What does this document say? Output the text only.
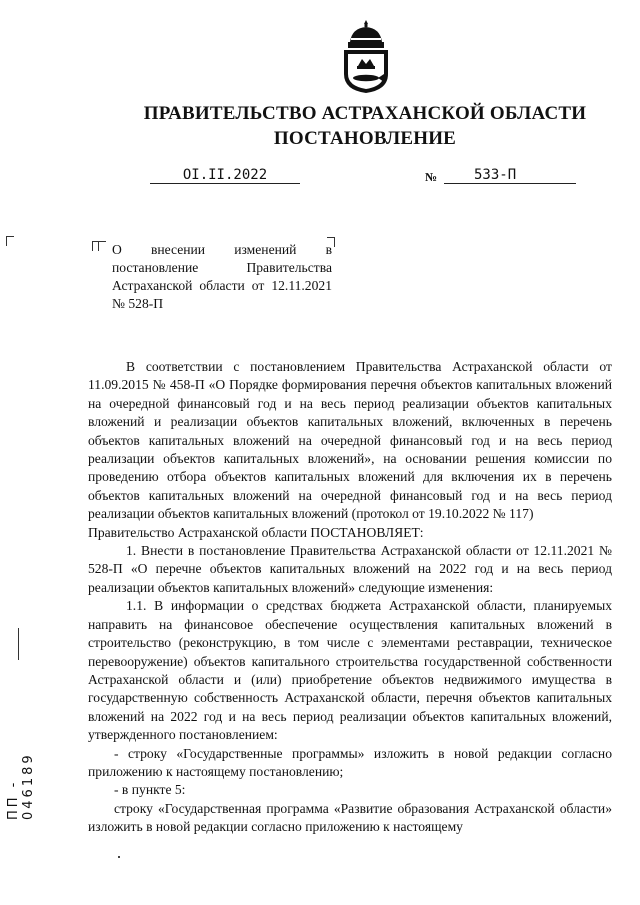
ПРАВИТЕЛЬСТВО АСТРАХАНСКОЙ ОБЛАСТИ
ПОСТАНОВЛЕНИЕ
OI.II.2022	№	533-П
О внесении изменений в постановление Правительства Астраханской области от 12.11.2021 № 528-П

В соответствии с постановлением Правительства Астраханской области от 11.09.2015 № 458-П «О Порядке формирования перечня объектов капитальных вложений на очередной финансовый год и на весь период реализации объектов капитальных вложений и реализации объектов капитальных вложений, включенных в перечень объектов капитальных вложений на очередной финансовый год и на весь период реализации объектов капитальных вложений», на основании решения комиссии по проведению отбора объектов капитальных вложений для включения их в перечень объектов капитальных вложений на очередной финансовый год и на весь период реализации объектов капитальных вложений (протокол от 19.10.2022 № 117)

Правительство Астраханской области ПОСТАНОВЛЯЕТ:

1. Внести в постановление Правительства Астраханской области от 12.11.2021 № 528-П «О перечне объектов капитальных вложений на 2022 год и на весь период реализации объектов капитальных вложений» следующие изменения:

1.1. В информации о средствах бюджета Астраханской области, планируемых направить на финансовое обеспечение осуществления капитальных вложений в строительство (реконструкцию, в том числе с элементами реставрации, техническое перевооружение) объектов капитального строительства государственной собственности Астраханской области и (или) приобретение объектов недвижимого имущества в государственную собственность Астраханской области, перечня объектов капитальных вложений на 2022 год и на весь период реализации объектов капитальных вложений, утвержденного постановлением:

- строку «Государственные программы» изложить в новой редакции согласно приложению к настоящему постановлению;

- в пункте 5:

строку «Государственная программа «Развитие образования Астраханской области» изложить в новой редакции согласно приложению к настоящему

ПП - 046189
